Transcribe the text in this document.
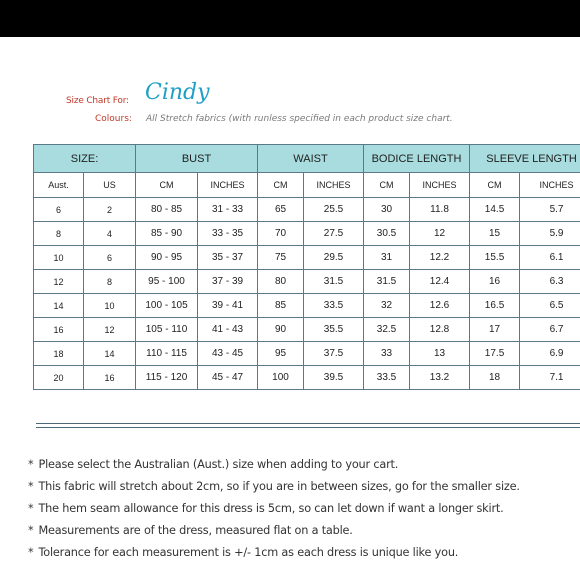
Size Chart For: Cindy
Colours: All Stretch fabrics (with runless specified in each product size chart.
SIZE:		BUST		WAIST		BODICE LENGTH		SLEEVE LENGTH	
Aust.	US	CM	INCHES	CM	INCHES	CM	INCHES	CM	INCHES
6	2	80 - 85	31 - 33	65	25.5	30	11.8	14.5	5.7
8	4	85 - 90	33 - 35	70	27.5	30.5	12	15	5.9
10	6	90 - 95	35 - 37	75	29.5	31	12.2	15.5	6.1
12	8	95 - 100	37 - 39	80	31.5	31.5	12.4	16	6.3
14	10	100 - 105	39 - 41	85	33.5	32	12.6	16.5	6.5
16	12	105 - 110	41 - 43	90	35.5	32.5	12.8	17	6.7
18	14	110 - 115	43 - 45	95	37.5	33	13	17.5	6.9
20	16	115 - 120	45 - 47	100	39.5	33.5	13.2	18	7.1
* Please select the Australian (Aust.) size when adding to your cart.
* This fabric will stretch about 2cm, so if you are in between sizes, go for the smaller size.
* The hem seam allowance for this dress is 5cm, so can let down if want a longer skirt.
* Measurements are of the dress, measured flat on a table.
* Tolerance for each measurement is +/- 1cm as each dress is unique like you.
